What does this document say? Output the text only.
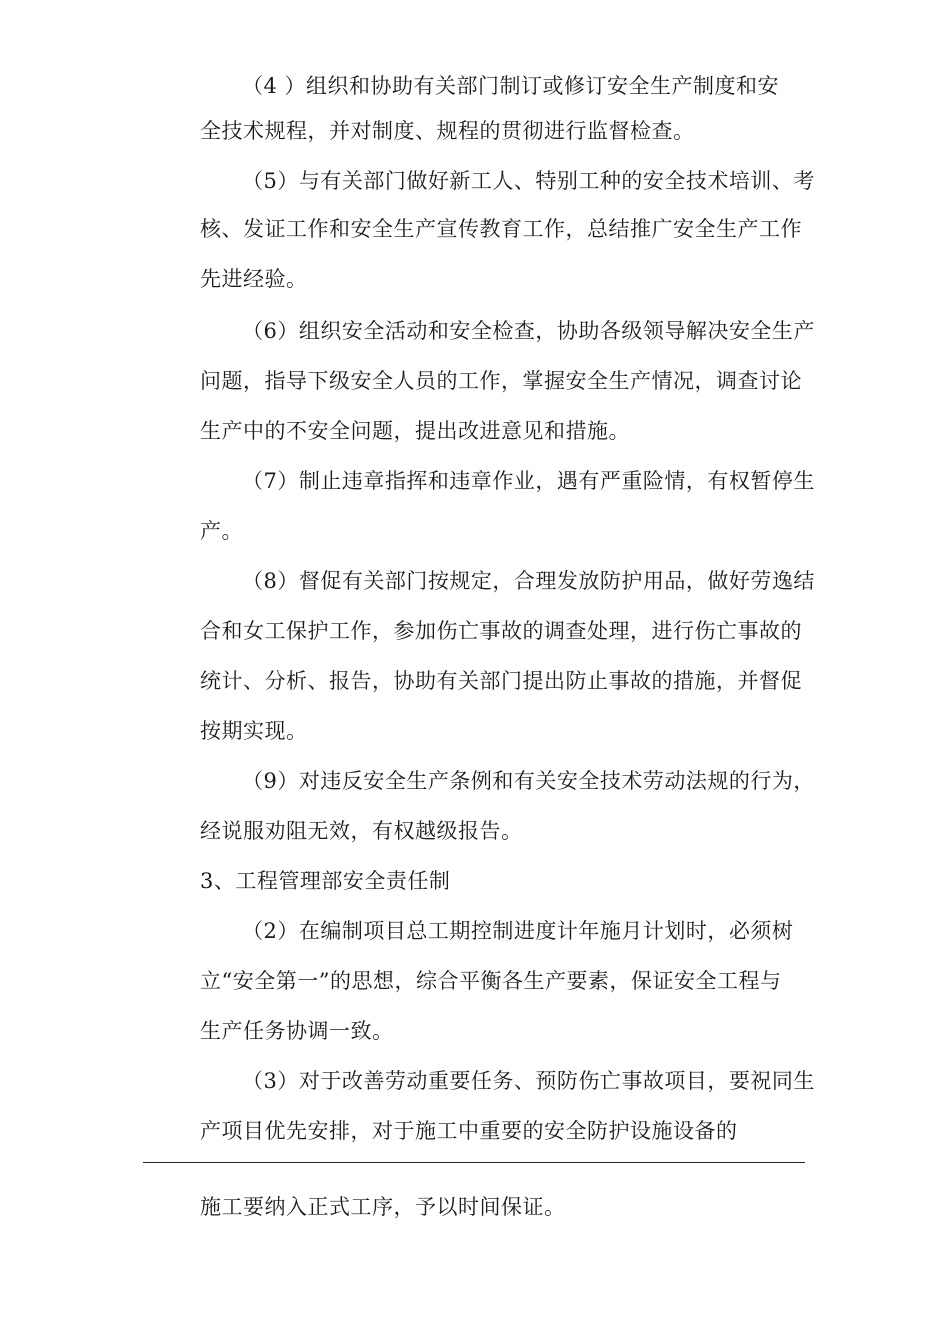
（4 ）组织和协助有关部门制订或修订安全生产制度和安
全技术规程，并对制度、规程的贯彻进行监督检查。
（5）与有关部门做好新工人、特别工种的安全技术培训、考
核、发证工作和安全生产宣传教育工作，总结推广安全生产工作
先进经验。
（6）组织安全活动和安全检查，协助各级领导解决安全生产
问题，指导下级安全人员的工作，掌握安全生产情况，调查讨论
生产中的不安全问题，提出改进意见和措施。
（7）制止违章指挥和违章作业，遇有严重险情，有权暂停生
产。
（8）督促有关部门按规定，合理发放防护用品，做好劳逸结
合和女工保护工作，参加伤亡事故的调查处理，进行伤亡事故的
统计、分析、报告，协助有关部门提出防止事故的措施，并督促
按期实现。
（9）对违反安全生产条例和有关安全技术劳动法规的行为，
经说服劝阻无效，有权越级报告。
3、工程管理部安全责任制
（2）在编制项目总工期控制进度计年施月计划时，必须树
立“安全第一”的思想，综合平衡各生产要素，保证安全工程与
生产任务协调一致。
（3）对于改善劳动重要任务、预防伤亡事故项目，要祝同生
产项目优先安排，对于施工中重要的安全防护设施设备的
施工要纳入正式工序，予以时间保证。
